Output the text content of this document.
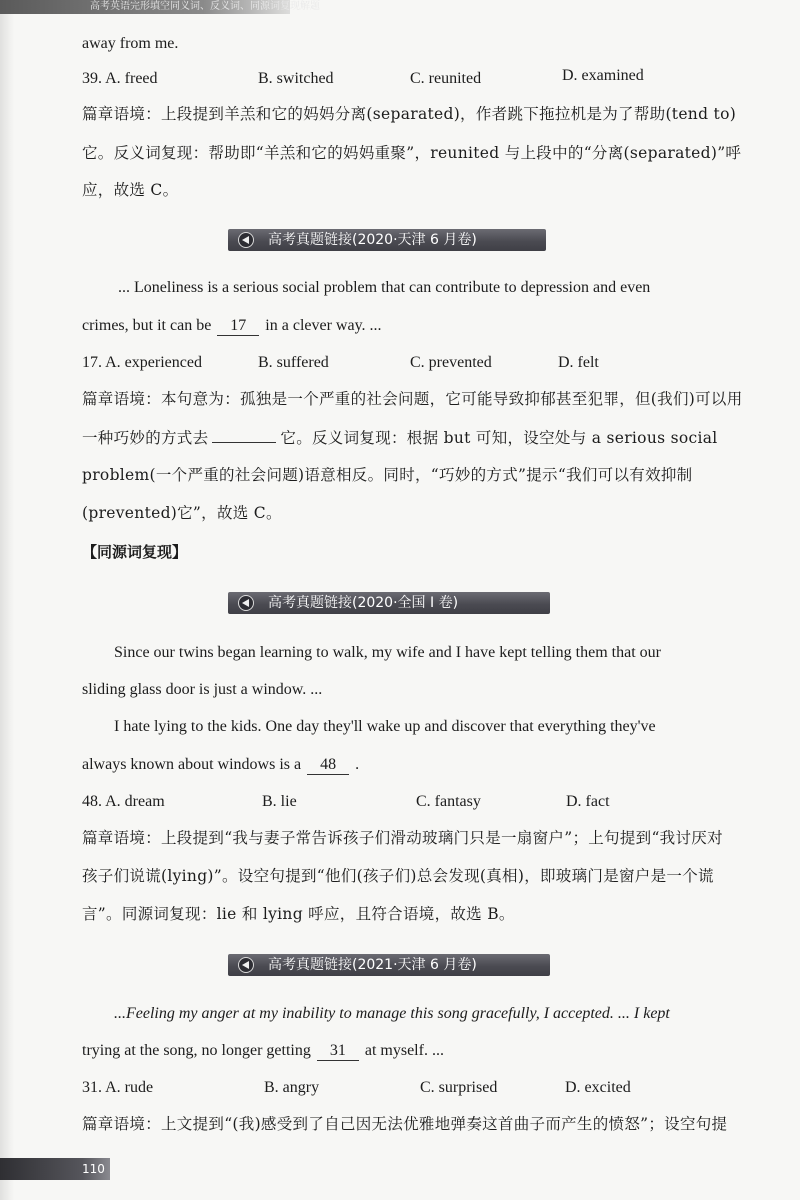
高考英语完形填空同义词、反义词、同源词复现解题
away from me.
39. A. freed	B. switched	C. reunited	D. examined
篇章语境：上段提到羊羔和它的妈妈分离(separated)，作者跳下拖拉机是为了帮助(tend to)
它。反义词复现：帮助即“羊羔和它的妈妈重聚”，reunited 与上段中的“分离(separated)”呼
应，故选 C。
高考真题链接(2020·天津 6 月卷)
... Loneliness is a serious social problem that can contribute to depression and even
crimes, but it can be 17 in a clever way. ...
17. A. experienced	B. suffered	C. prevented	D. felt
篇章语境：本句意为：孤独是一个严重的社会问题，它可能导致抑郁甚至犯罪，但(我们)可以用
一种巧妙的方式去	它。反义词复现：根据 but 可知，设空处与 a serious social
problem(一个严重的社会问题)语意相反。同时，“巧妙的方式”提示“我们可以有效抑制
(prevented)它”，故选 C。
【同源词复现】
高考真题链接(2020·全国 Ⅰ 卷)
Since our twins began learning to walk, my wife and I have kept telling them that our
sliding glass door is just a window. ...
I hate lying to the kids. One day they'll wake up and discover that everything they've
always known about windows is a 48 .
48. A. dream	B. lie	C. fantasy	D. fact
篇章语境：上段提到“我与妻子常告诉孩子们滑动玻璃门只是一扇窗户”；上句提到“我讨厌对
孩子们说谎(lying)”。设空句提到“他们(孩子们)总会发现(真相)，即玻璃门是窗户是一个谎
言”。同源词复现：lie 和 lying 呼应，且符合语境，故选 B。
高考真题链接(2021·天津 6 月卷)
...Feeling my anger at my inability to manage this song gracefully, I accepted. ... I kept
trying at the song, no longer getting 31 at myself. ...
31. A. rude	B. angry	C. surprised	D. excited
篇章语境：上文提到“(我)感受到了自己因无法优雅地弹奏这首曲子而产生的愤怒”；设空句提
110
